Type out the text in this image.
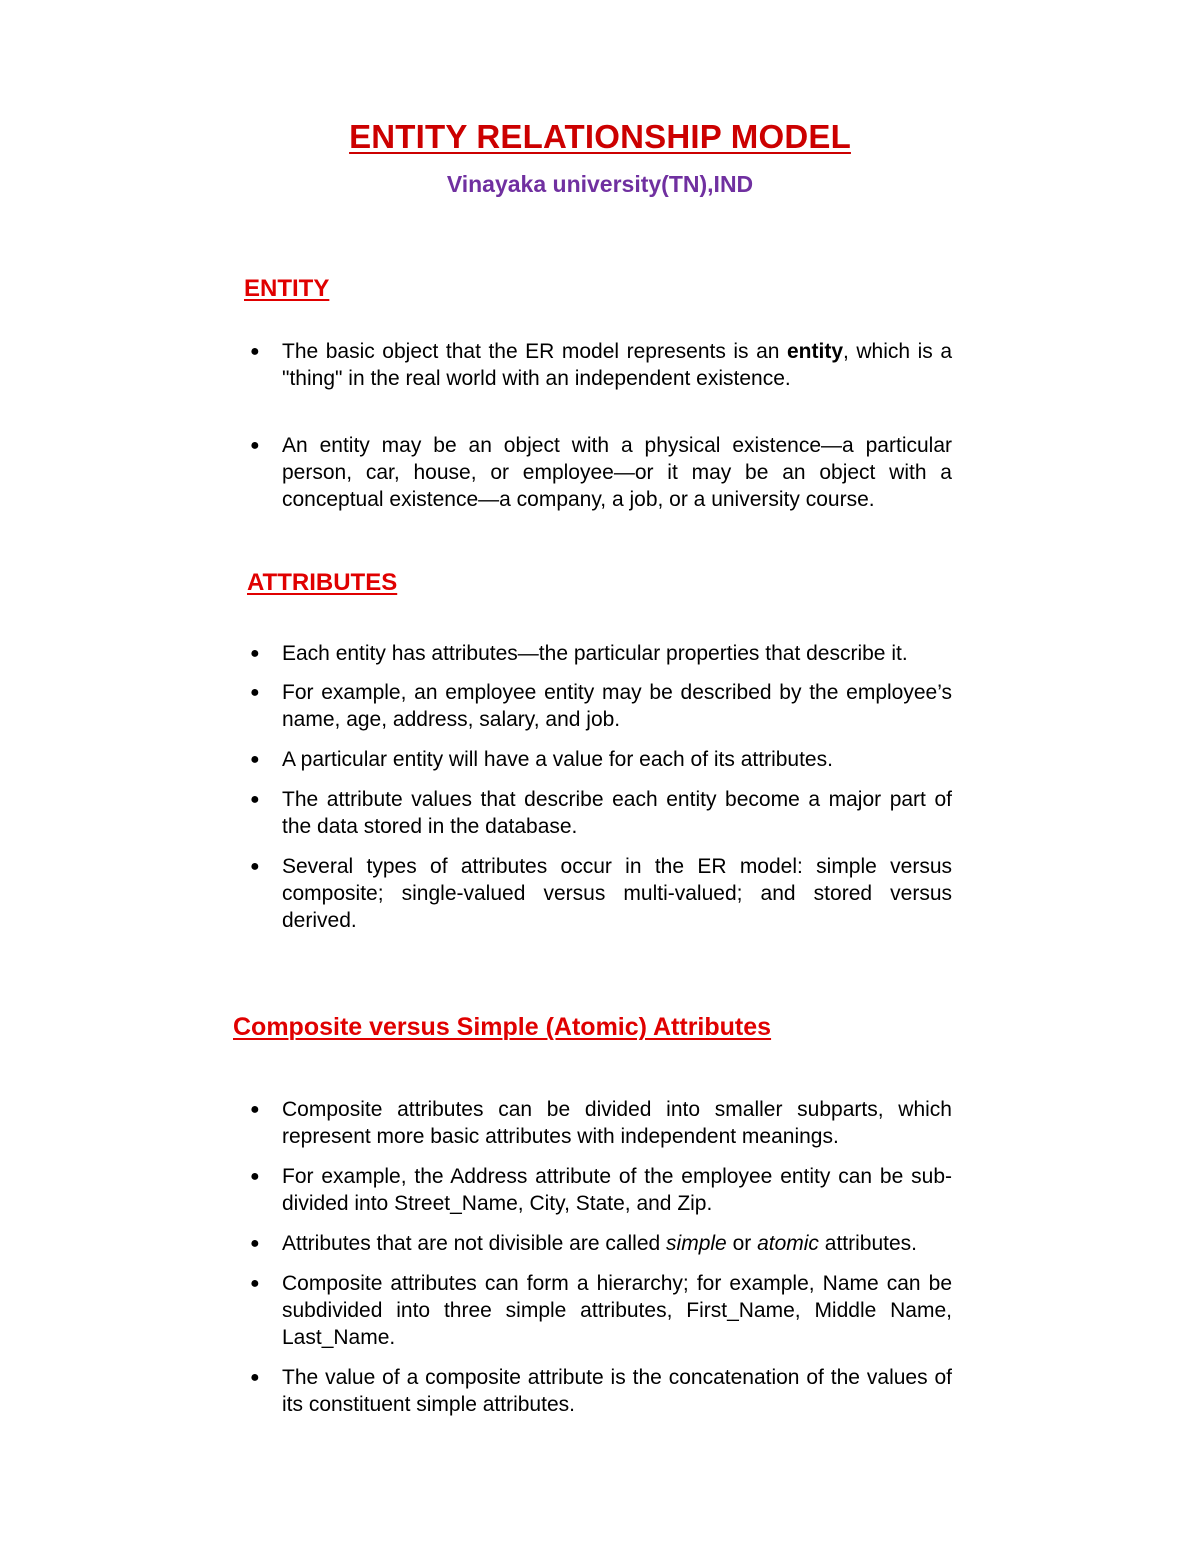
ENTITY RELATIONSHIP MODEL
Vinayaka university(TN),IND
ENTITY
● The basic object that the ER model represents is an entity, which is a "thing" in the real world with an independent existence.
● An entity may be an object with a physical existence—a particular person, car, house, or employee—or it may be an object with a conceptual existence—a company, a job, or a university course.
ATTRIBUTES
● Each entity has attributes—the particular properties that describe it.
● For example, an employee entity may be described by the employee’s name, age, address, salary, and job.
● A particular entity will have a value for each of its attributes.
● The attribute values that describe each entity become a major part of the data stored in the database.
● Several types of attributes occur in the ER model: simple versus composite; single-valued versus multi-valued; and stored versus derived.
Composite versus Simple (Atomic) Attributes
● Composite attributes can be divided into smaller subparts, which represent more basic attributes with independent meanings.
● For example, the Address attribute of the employee entity can be sub-divided into Street_Name, City, State, and Zip.
● Attributes that are not divisible are called simple or atomic attributes.
● Composite attributes can form a hierarchy; for example, Name can be subdivided into three simple attributes, First_Name, Middle Name, Last_Name.
● The value of a composite attribute is the concatenation of the values of its constituent simple attributes.
